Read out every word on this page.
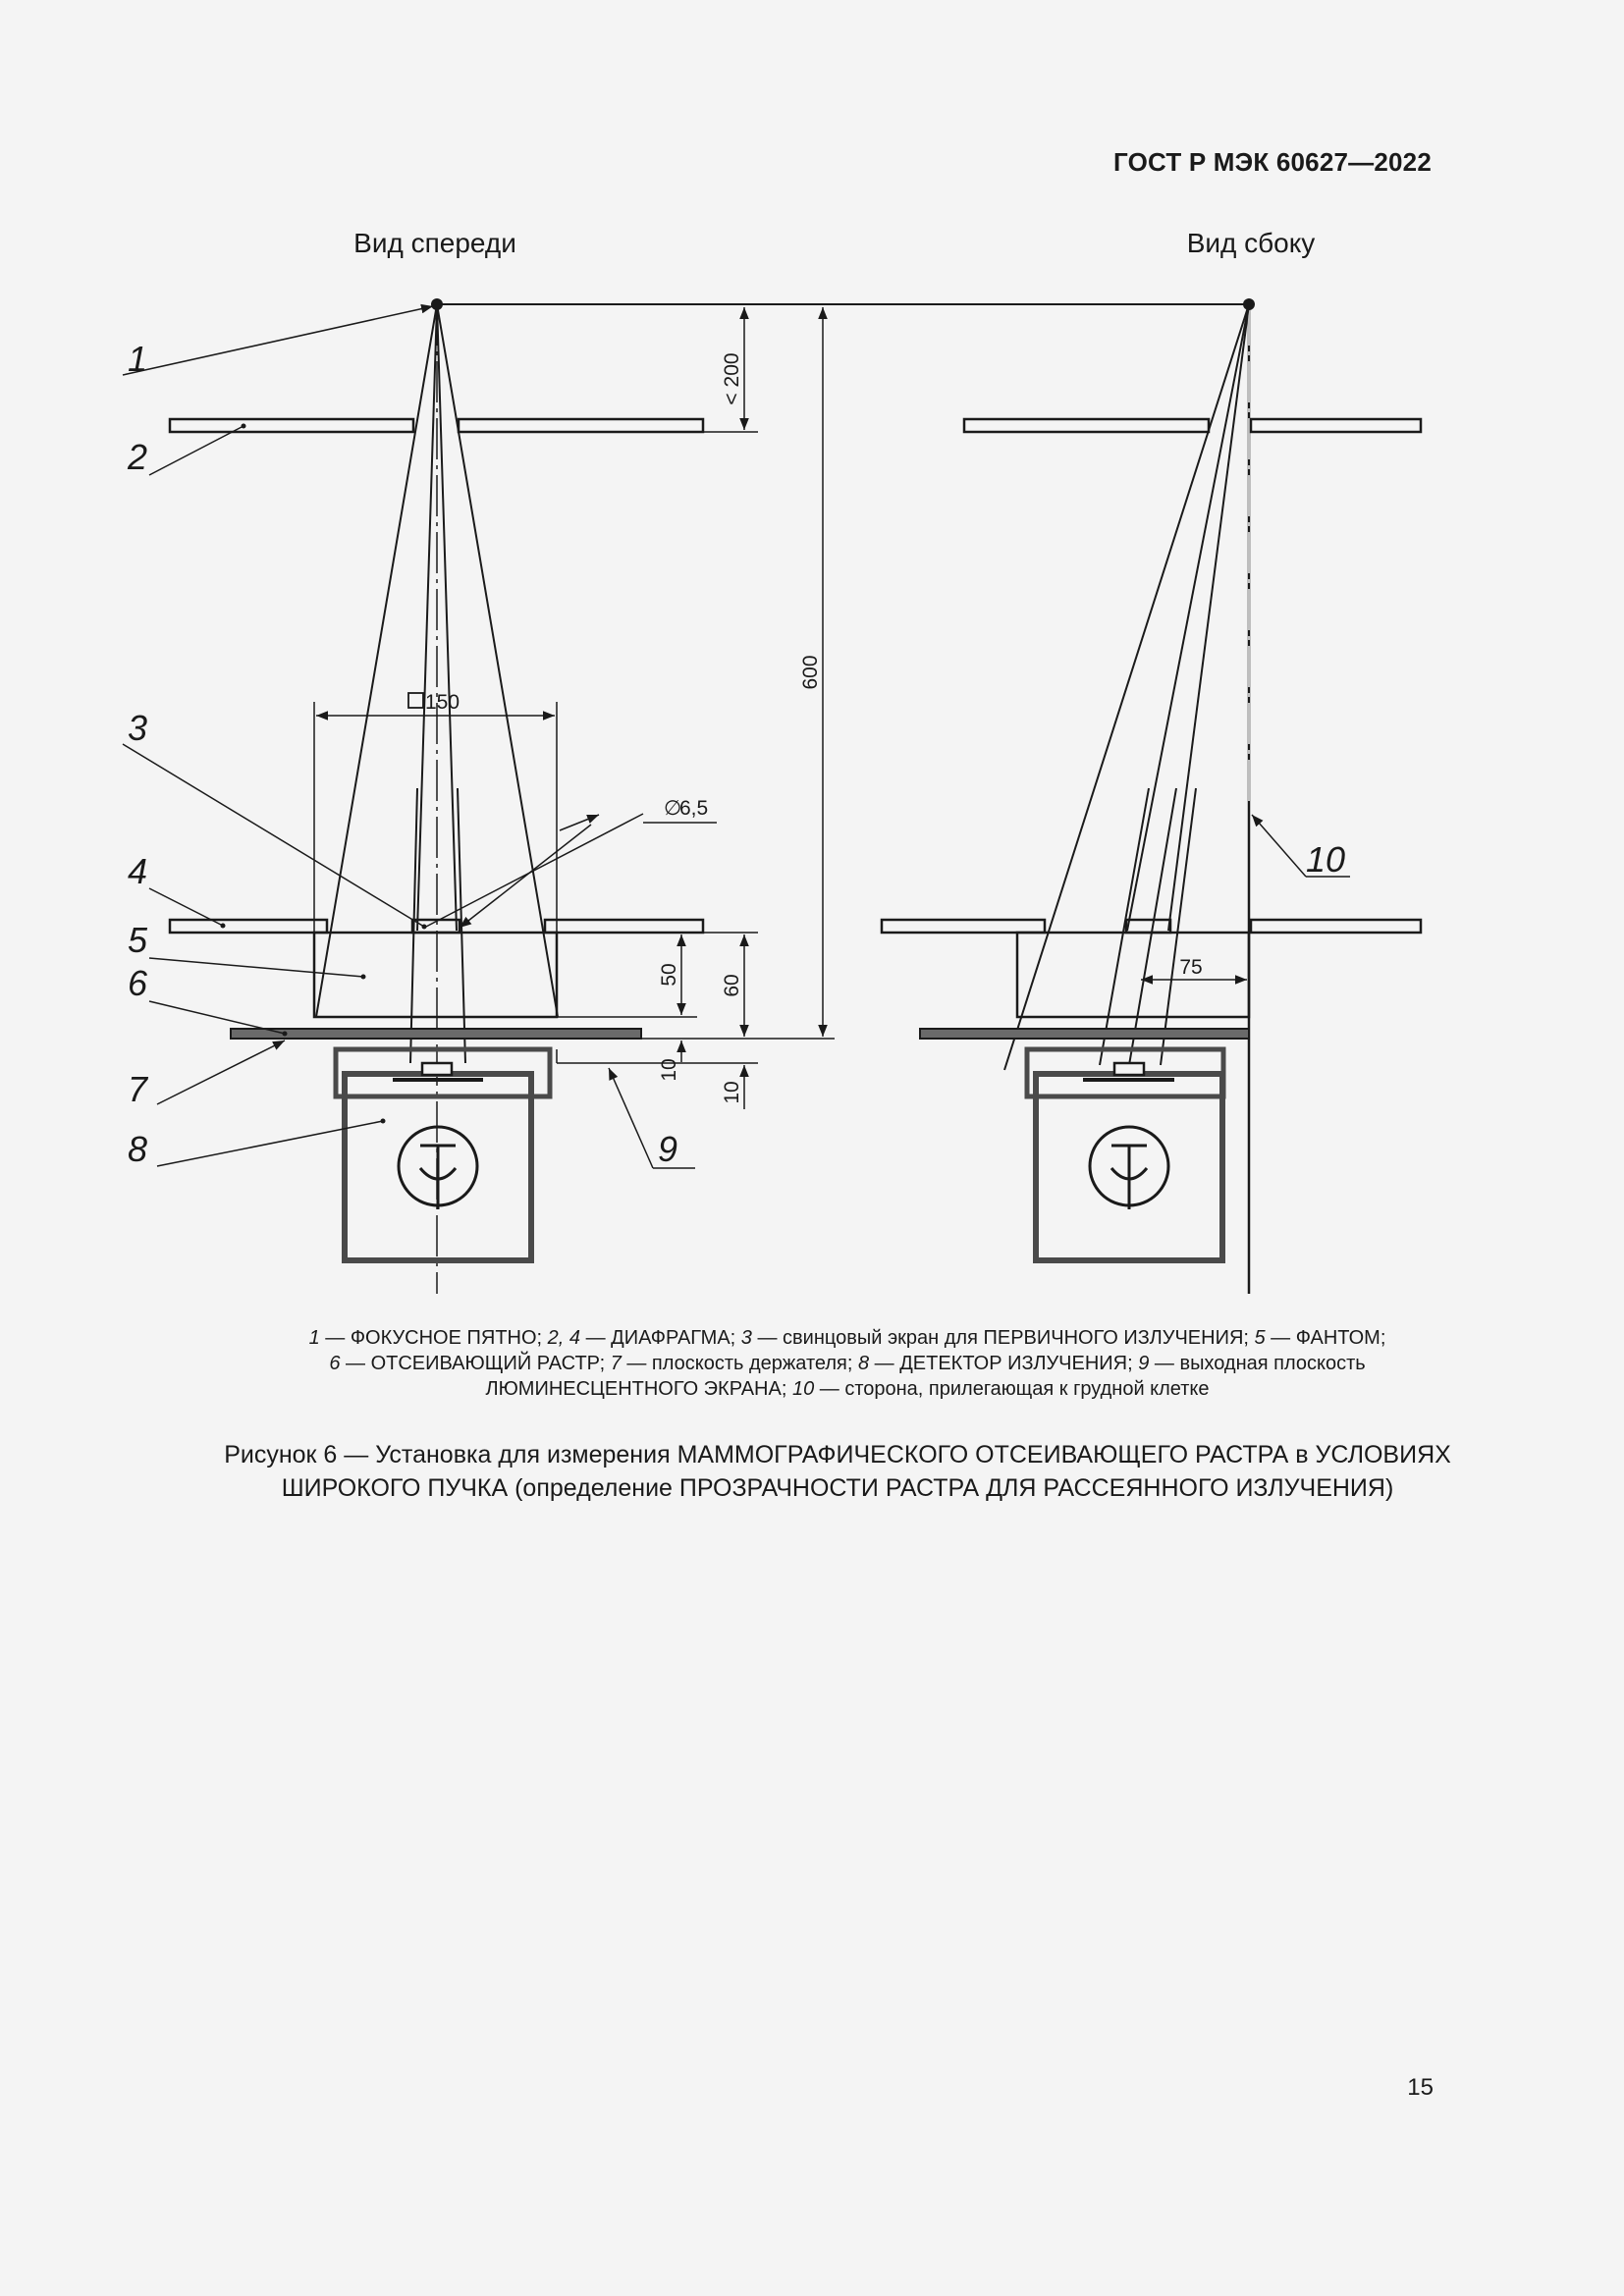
ГОСТ Р МЭК 60627—2022
Вид спереди	Вид сбоку
1
2
3
4
5
6
7
8	9
10
< 200
600
150
∅
6,5
50 60
10
10
75

1 — ФОКУСНОЕ ПЯТНО; 2, 4 — ДИАФРАГМА; 3 — свинцовый экран для ПЕРВИЧНОГО ИЗЛУЧЕНИЯ; 5 — ФАНТОМ;

6 — ОТСЕИВАЮЩИЙ РАСТР; 7 — плоскость держателя; 8 — ДЕТЕКТОР ИЗЛУЧЕНИЯ; 9 — выходная плоскость

ЛЮМИНЕСЦЕНТНОГО ЭКРАНА; 10 — сторона, прилегающая к грудной клетке

Рисунок 6 — Установка для измерения МАММОГРАФИЧЕСКОГО ОТСЕИВАЮЩЕГО РАСТРА в УСЛОВИЯХ

ШИРОКОГО ПУЧКА (определение ПРОЗРАЧНОСТИ РАСТРА ДЛЯ РАССЕЯННОГО ИЗЛУЧЕНИЯ)

15
